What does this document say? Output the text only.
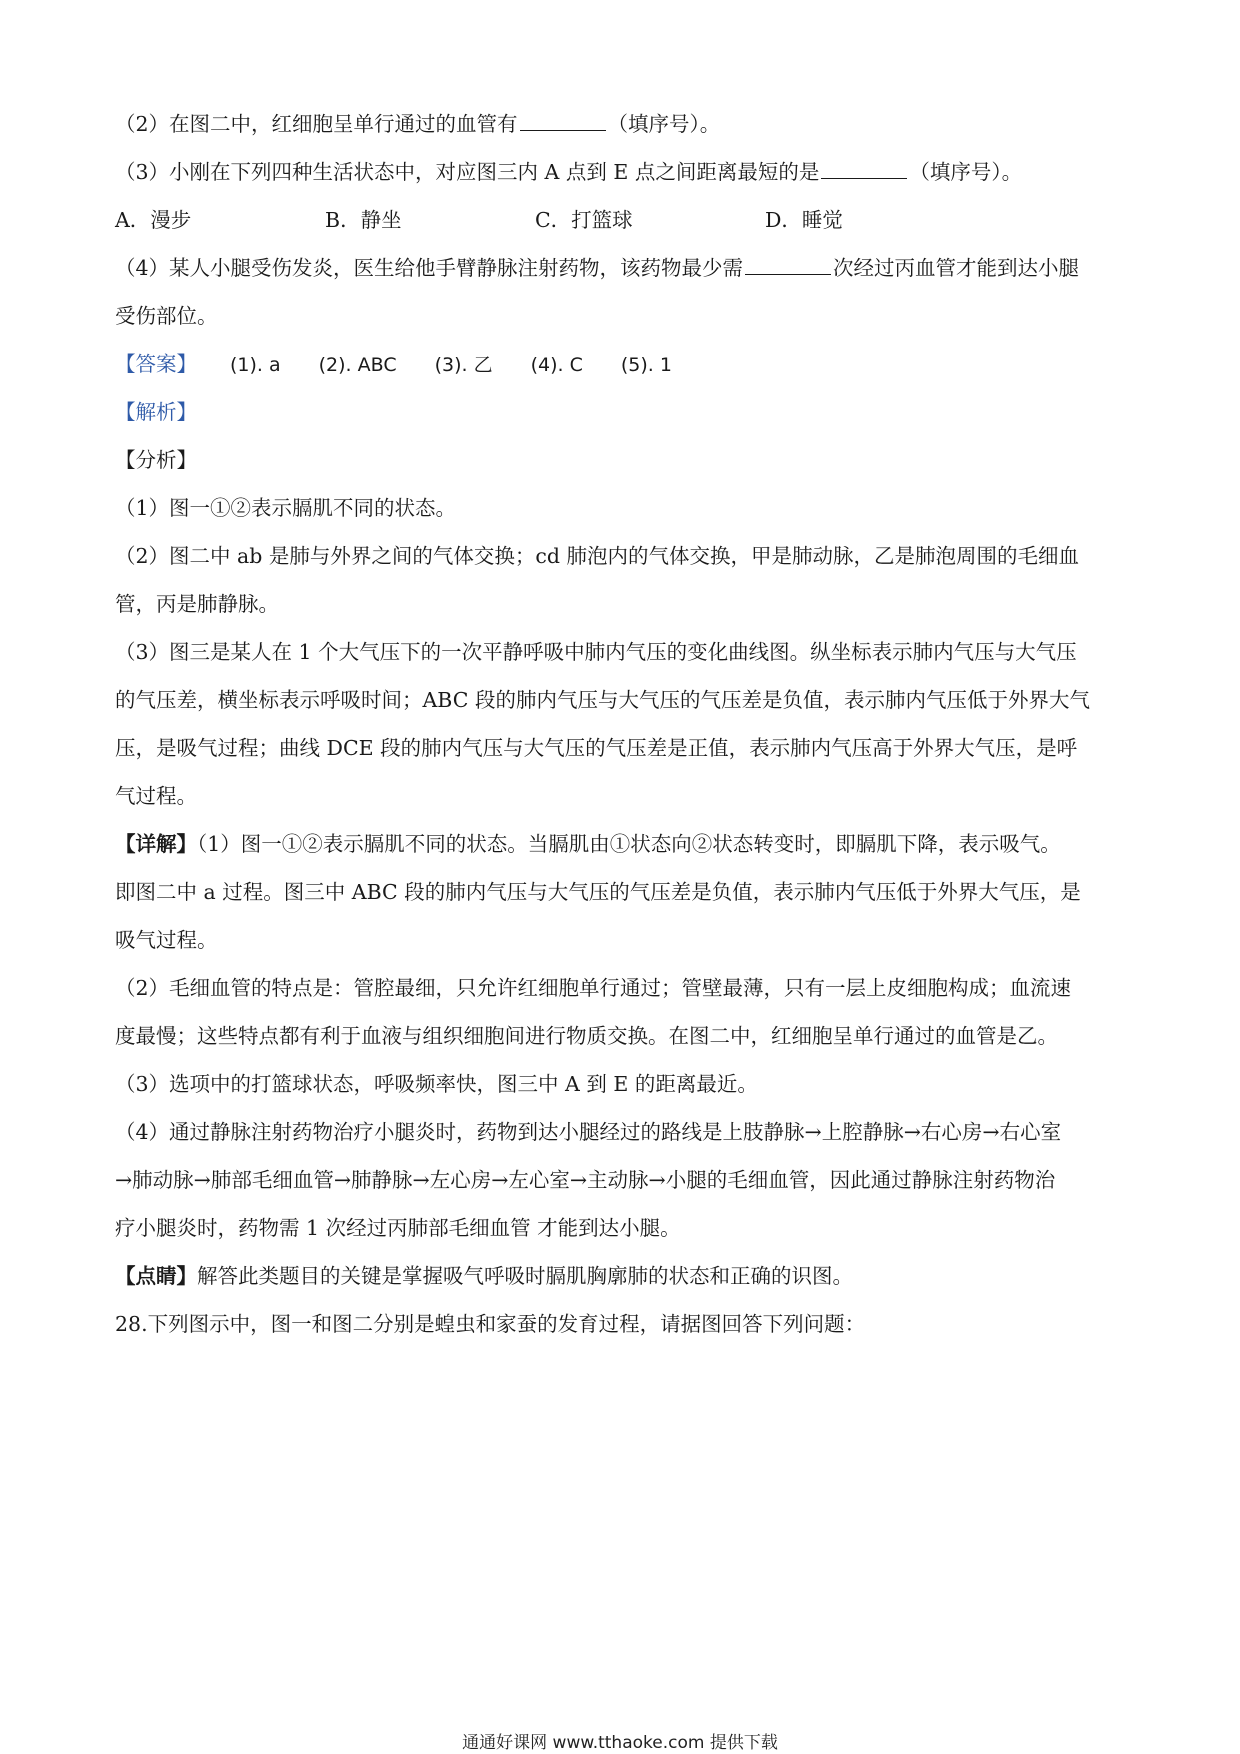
（2）在图二中，红细胞呈单行通过的血管有	（填序号）。
（3）小刚在下列四种生活状态中，对应图三内 A 点到 E 点之间距离最短的是	（填序号）。
A．漫步	B．静坐	C．打篮球	D．睡觉
（4）某人小腿受伤发炎，医生给他手臂静脉注射药物，该药物最少需	次经过丙血管才能到达小腿
受伤部位。
【答案】 (1). a (2). ABC (3). 乙 (4). C (5). 1
【解析】
【分析】
（1）图一①②表示膈肌不同的状态。
（2）图二中 ab 是肺与外界之间的气体交换；cd 肺泡内的气体交换，甲是肺动脉，乙是肺泡周围的毛细血
管，丙是肺静脉。
（3）图三是某人在 1 个大气压下的一次平静呼吸中肺内气压的变化曲线图。纵坐标表示肺内气压与大气压
的气压差，横坐标表示呼吸时间；ABC 段的肺内气压与大气压的气压差是负值，表示肺内气压低于外界大气
压，是吸气过程；曲线 DCE 段的肺内气压与大气压的气压差是正值，表示肺内气压高于外界大气压，是呼
气过程。
【详解】（1）图一①②表示膈肌不同的状态。当膈肌由①状态向②状态转变时，即膈肌下降，表示吸气。
即图二中 a 过程。图三中 ABC 段的肺内气压与大气压的气压差是负值，表示肺内气压低于外界大气压，是
吸气过程。
（2）毛细血管的特点是：管腔最细，只允许红细胞单行通过；管壁最薄，只有一层上皮细胞构成；血流速
度最慢；这些特点都有利于血液与组织细胞间进行物质交换。在图二中，红细胞呈单行通过的血管是乙。
（3）选项中的打篮球状态，呼吸频率快，图三中 A 到 E 的距离最近。
（4）通过静脉注射药物治疗小腿炎时，药物到达小腿经过的路线是上肢静脉→上腔静脉→右心房→右心室
→肺动脉→肺部毛细血管→肺静脉→左心房→左心室→主动脉→小腿的毛细血管，因此通过静脉注射药物治
疗小腿炎时，药物需 1 次经过丙肺部毛细血管 才能到达小腿。
【点睛】解答此类题目的关键是掌握吸气呼吸时膈肌胸廓肺的状态和正确的识图。
28.下列图示中，图一和图二分别是蝗虫和家蚕的发育过程，请据图回答下列问题：
通通好课网 www.tthaoke.com 提供下载
